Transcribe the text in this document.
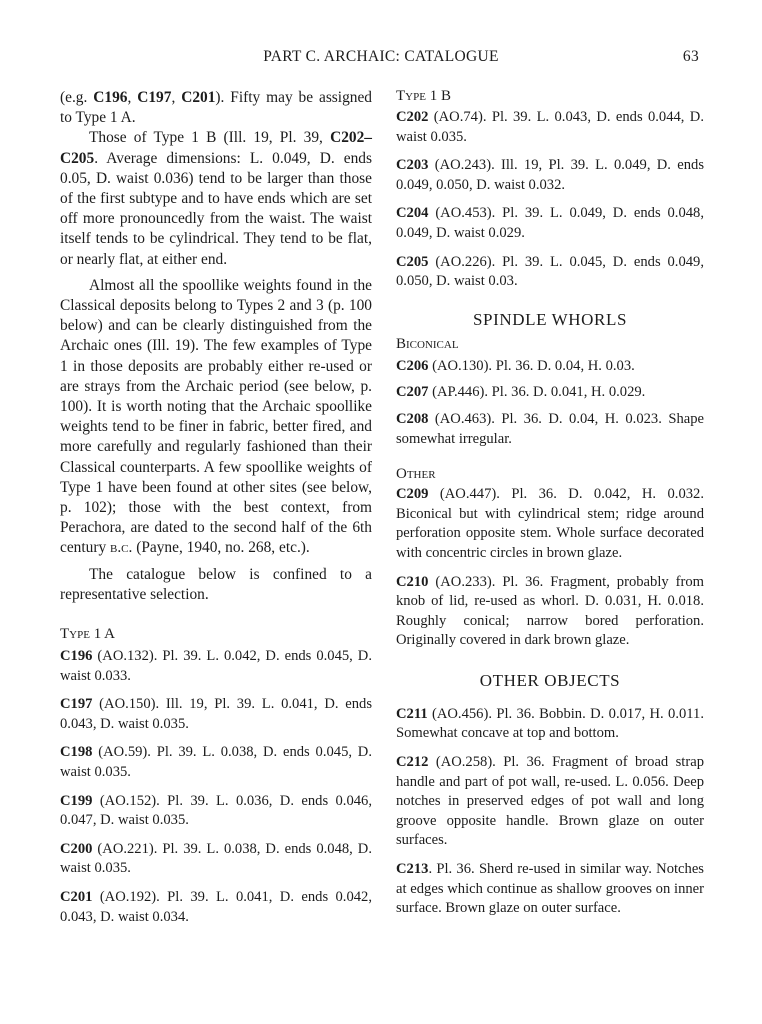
PART C. ARCHAIC: CATALOGUE	63

(e.g. C196, C197, C201). Fifty may be assigned to Type 1 A.

Those of Type 1 B (Ill. 19, Pl. 39, C202–C205. Average dimensions: L. 0.049, D. ends 0.05, D. waist 0.036) tend to be larger than those of the first subtype and to have ends which are set off more pronouncedly from the waist. The waist itself tends to be cylindrical. They tend to be flat, or nearly flat, at either end.

Almost all the spoollike weights found in the Classical deposits belong to Types 2 and 3 (p. 100 below) and can be clearly distinguished from the Archaic ones (Ill. 19). The few examples of Type 1 in those deposits are probably either re-used or are strays from the Archaic period (see below, p. 100). It is worth noting that the Archaic spoollike weights tend to be finer in fabric, better fired, and more carefully and regularly fashioned than their Classical counterparts. A few spoollike weights of Type 1 have been found at other sites (see below, p. 102); those with the best context, from Perachora, are dated to the second half of the 6th century b.c. (Payne, 1940, no. 268, etc.).

The catalogue below is confined to a representative selection.

Type 1 A

C196 (AO.132). Pl. 39. L. 0.042, D. ends 0.045, D. waist 0.033.

C197 (AO.150). Ill. 19, Pl. 39. L. 0.041, D. ends 0.043, D. waist 0.035.

C198 (AO.59). Pl. 39. L. 0.038, D. ends 0.045, D. waist 0.035.

C199 (AO.152). Pl. 39. L. 0.036, D. ends 0.046, 0.047, D. waist 0.035.

C200 (AO.221). Pl. 39. L. 0.038, D. ends 0.048, D. waist 0.035.

C201 (AO.192). Pl. 39. L. 0.041, D. ends 0.042, 0.043, D. waist 0.034.

Type 1 B

C202 (AO.74). Pl. 39. L. 0.043, D. ends 0.044, D. waist 0.035.

C203 (AO.243). Ill. 19, Pl. 39. L. 0.049, D. ends 0.049, 0.050, D. waist 0.032.

C204 (AO.453). Pl. 39. L. 0.049, D. ends 0.048, 0.049, D. waist 0.029.

C205 (AO.226). Pl. 39. L. 0.045, D. ends 0.049, 0.050, D. waist 0.03.

SPINDLE WHORLS

Biconical

C206 (AO.130). Pl. 36. D. 0.04, H. 0.03.

C207 (AP.446). Pl. 36. D. 0.041, H. 0.029.

C208 (AO.463). Pl. 36. D. 0.04, H. 0.023. Shape somewhat irregular.

Other

C209 (AO.447). Pl. 36. D. 0.042, H. 0.032. Biconical but with cylindrical stem; ridge around perforation opposite stem. Whole surface decorated with concentric circles in brown glaze.

C210 (AO.233). Pl. 36. Fragment, probably from knob of lid, re-used as whorl. D. 0.031, H. 0.018. Roughly conical; narrow bored perforation. Originally covered in dark brown glaze.

OTHER OBJECTS

C211 (AO.456). Pl. 36. Bobbin. D. 0.017, H. 0.011. Somewhat concave at top and bottom.

C212 (AO.258). Pl. 36. Fragment of broad strap handle and part of pot wall, re-used. L. 0.056. Deep notches in preserved edges of pot wall and long groove opposite handle. Brown glaze on outer surfaces.

C213. Pl. 36. Sherd re-used in similar way. Notches at edges which continue as shallow grooves on inner surface. Brown glaze on outer surface.
